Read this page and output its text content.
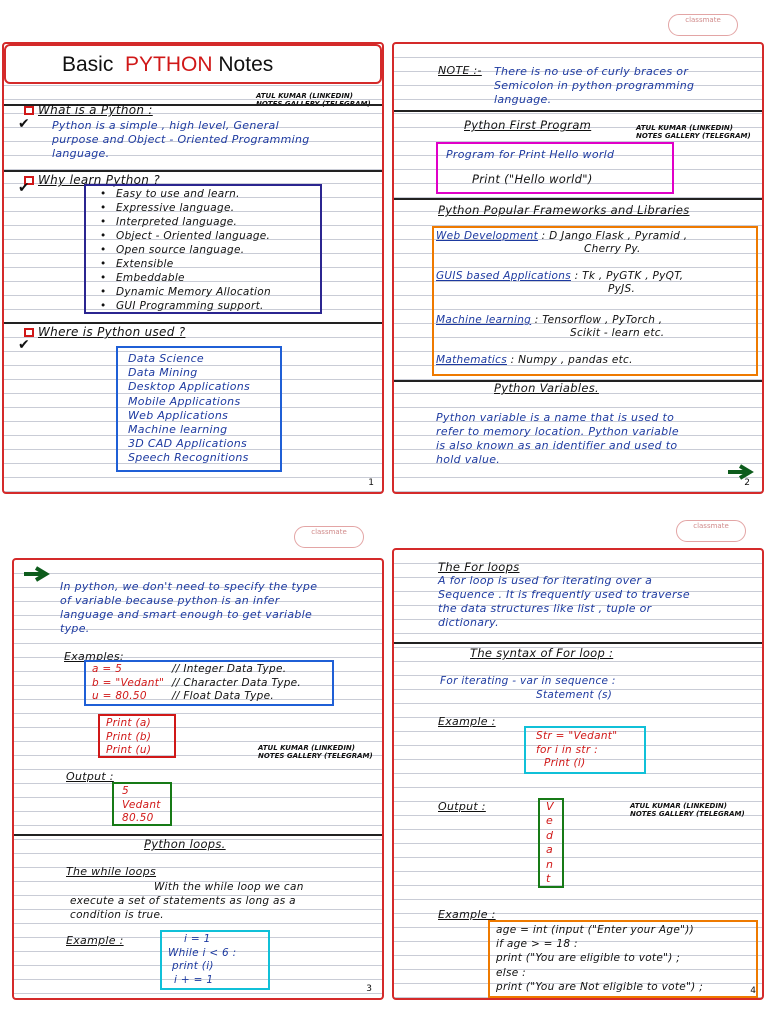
Basic PYTHON Notes
ATUL KUMAR (LINKEDIN)
What is a Python :
✔ Python is a simple , high level, General
purpose and Object - Oriented Programming
language.
Why learn Python ?
✔	• Easy to use and learn.
• Expressive language.
• Interpreted language.
• Object - Oriented language.
• Open source language.
• Extensible
• Embeddable
• Dynamic Memory Allocation
• GUI Programming support.
Where is Python used ?
✔
Data Science
Data Mining
Desktop Applications
Mobile Applications
Web Applications
Machine learning
3D CAD Applications
Speech Recognitions
1
NOTE :- There is no use of curly braces or
Semicolon in python programming
language.
Python First Program	ATUL KUMAR (LINKEDIN)
NOTES GALLERY (TELEGRAM)
Program for Print Hello world
Print ("Hello world")
Python Popular Frameworks and Libraries
Web Development : D Jango Flask , Pyramid ,
Cherry Py.
GUIS based Applications : Tk , PyGTK , PyQT,
PyJS.
Machine learning : Tensorflow , PyTorch ,
Scikit - learn etc.
Mathematics : Numpy , pandas etc.
Python Variables.
Python variable is a name that is used to
refer to memory location. Python variable
is also known as an identifier and used to
hold value.
2
classmate
classmate
classmate
In python, we don't need to specify the type
of variable because python is an infer
language and smart enough to get variable
type.
Examples:
a = 5	// Integer Data Type.
b = "Vedant" // Character Data Type.
u = 80.50 // Float Data Type.
Print (a)
Print (b)
Print (u)	ATUL KUMAR (LINKEDIN)
NOTES GALLERY (TELEGRAM)
Output :
5
Vedant
80.50
Python loops.
The while loops
With the while loop we can
execute a set of statements as long as a
condition is true.
Example :	i = 1
While i < 6 :
print (i)
i + = 1
3
The For loops
A for loop is used for iterating over a
Sequence . It is frequently used to traverse
the data structures like list , tuple or
dictionary.
The syntax of For loop :
For iterating - var in sequence :
Statement (s)
Example :
Str = "Vedant"
for i in str :
Print (i)
Output :	V
e
d
a
n
t
ATUL KUMAR (LINKEDIN)
NOTES GALLERY (TELEGRAM)
Example :
age = int (input ("Enter your Age"))
if age > = 18 :
print ("You are eligible to vote") ;
else :
print ("You are Not eligible to vote") ;	4
